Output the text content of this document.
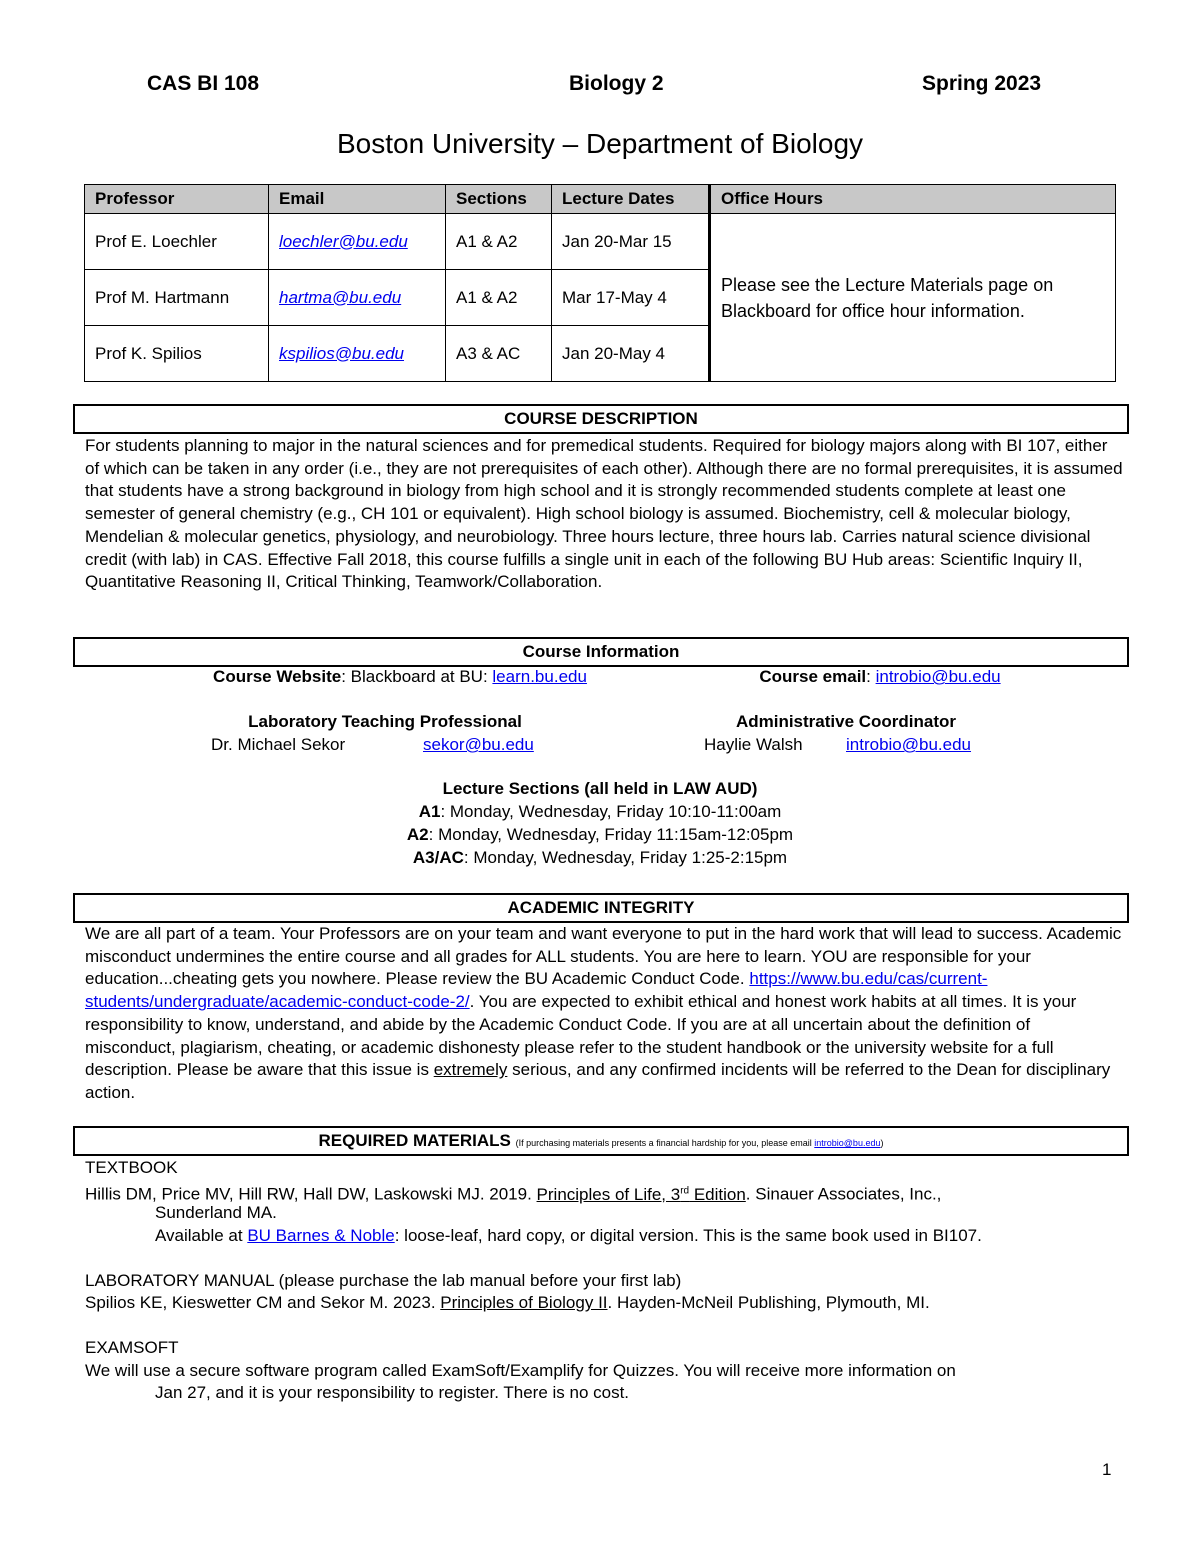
CAS BI 108	Biology 2	Spring 2023
Boston University – Department of Biology
Professor	Email	Sections	Lecture Dates	Office Hours
Prof E. Loechler	loechler@bu.edu	A1 & A2	Jan 20-Mar 15	Please see the Lecture Materials page on Blackboard for office hour information.
Prof M. Hartmann	hartma@bu.edu	A1 & A2	Mar 17-May 4	
Prof K. Spilios	kspilios@bu.edu	A3 & AC	Jan 20-May 4	
COURSE DESCRIPTION
For students planning to major in the natural sciences and for premedical students. Required for biology majors along with BI 107, either of which can be taken in any order (i.e., they are not prerequisites of each other). Although there are no formal prerequisites, it is assumed that students have a strong background in biology from high school and it is strongly recommended students complete at least one semester of general chemistry (e.g., CH 101 or equivalent). High school biology is assumed. Biochemistry, cell & molecular biology, Mendelian & molecular genetics, physiology, and neurobiology. Three hours lecture, three hours lab. Carries natural science divisional credit (with lab) in CAS. Effective Fall 2018, this course fulfills a single unit in each of the following BU Hub areas: Scientific Inquiry II, Quantitative Reasoning II, Critical Thinking, Teamwork/Collaboration.
Course Information
Course Website: Blackboard at BU: learn.bu.edu	Course email: introbio@bu.edu
Laboratory Teaching Professional	Administrative Coordinator
Dr. Michael Sekor	sekor@bu.edu	Haylie Walsh	introbio@bu.edu
Lecture Sections (all held in LAW AUD)
A1: Monday, Wednesday, Friday 10:10-11:00am
A2: Monday, Wednesday, Friday 11:15am-12:05pm
A3/AC: Monday, Wednesday, Friday 1:25-2:15pm
ACADEMIC INTEGRITY
We are all part of a team. Your Professors are on your team and want everyone to put in the hard work that will lead to success. Academic misconduct undermines the entire course and all grades for ALL students. You are here to learn. YOU are responsible for your education...cheating gets you nowhere. Please review the BU Academic Conduct Code. https://www.bu.edu/cas/current-students/undergraduate/academic-conduct-code-2/. You are expected to exhibit ethical and honest work habits at all times. It is your responsibility to know, understand, and abide by the Academic Conduct Code. If you are at all uncertain about the definition of misconduct, plagiarism, cheating, or academic dishonesty please refer to the student handbook or the university website for a full description. Please be aware that this issue is extremely serious, and any confirmed incidents will be referred to the Dean for disciplinary action.
REQUIRED MATERIALS (If purchasing materials presents a financial hardship for you, please email introbio@bu.edu)
TEXTBOOK
Hillis DM, Price MV, Hill RW, Hall DW, Laskowski MJ. 2019. Principles of Life, 3rd Edition. Sinauer Associates, Inc.,
Sunderland MA.
Available at BU Barnes & Noble: loose-leaf, hard copy, or digital version. This is the same book used in BI107.
LABORATORY MANUAL (please purchase the lab manual before your first lab)
Spilios KE, Kieswetter CM and Sekor M. 2023. Principles of Biology II. Hayden-McNeil Publishing, Plymouth, MI.
EXAMSOFT
We will use a secure software program called ExamSoft/Examplify for Quizzes. You will receive more information on
Jan 27, and it is your responsibility to register. There is no cost.
1
